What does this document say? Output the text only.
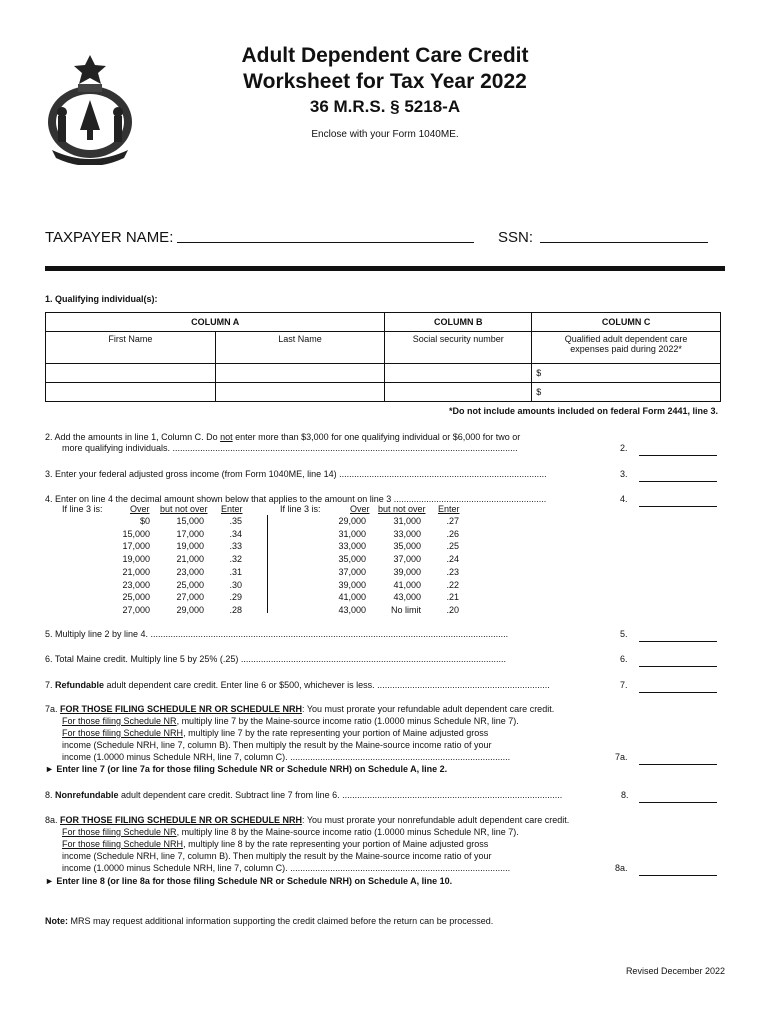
Adult Dependent Care Credit
Worksheet for Tax Year 2022
36 M.R.S. § 5218-A
Enclose with your Form 1040ME.
TAXPAYER NAME:	SSN:
1. Qualifying individual(s):
COLUMN A		COLUMN B	COLUMN C
First Name	Last Name	Social security number	Qualified adult dependent care expenses paid during 2022*
			$
			$
*Do not include amounts included on federal Form 2441, line 3.
2. Add the amounts in line 1, Column C. Do not enter more than $3,000 for one qualifying individual or $6,000 for two or
more qualifying individuals. ..........................................................................................................................................	2.
3. Enter your federal adjusted gross income (from Form 1040ME, line 14) ...................................................................................	3.
4. Enter on line 4 the decimal amount shown below that applies to the amount on line 3 .............................................................	4.
If line 3 is:	Over but not over Enter	If line 3 is:	Over but not over Enter
$0	15,000	.35
15,000	17,000	.34
17,000	19,000	.33
19,000	21,000	.32
21,000	23,000	.31
23,000	25,000	.30
25,000	27,000	.29
27,000	29,000	.28
29,000	31,000	.27
31,000	33,000	.26
33,000	35,000	.25
35,000	37,000	.24
37,000	39,000	.23
39,000	41,000	.22
41,000	43,000	.21
43,000	No limit	.20
5. Multiply line 2 by line 4. ...............................................................................................................................................	5.
6. Total Maine credit. Multiply line 5 by 25% (.25) ..........................................................................................................	6.
7. Refundable adult dependent care credit. Enter line 6 or $500, whichever is less. .....................................................................	7.
7a. FOR THOSE FILING SCHEDULE NR OR SCHEDULE NRH: You must prorate your refundable adult dependent care credit.
For those filing Schedule NR, multiply line 7 by the Maine-source income ratio (1.0000 minus Schedule NR, line 7).
For those filing Schedule NRH, multiply line 7 by the rate representing your portion of Maine adjusted gross
income (Schedule NRH, line 7, column B). Then multiply the result by the Maine-source income ratio of your
income (1.0000 minus Schedule NRH, line 7, column C). ........................................................................................	7a.
► Enter line 7 (or line 7a for those filing Schedule NR or Schedule NRH) on Schedule A, line 2.
8. Nonrefundable adult dependent care credit. Subtract line 7 from line 6. ........................................................................................	8.
8a. FOR THOSE FILING SCHEDULE NR OR SCHEDULE NRH: You must prorate your nonrefundable adult dependent care credit.
For those filing Schedule NR, multiply line 8 by the Maine-source income ratio (1.0000 minus Schedule NR, line 7).
For those filing Schedule NRH, multiply line 8 by the rate representing your portion of Maine adjusted gross
income (Schedule NRH, line 7, column B). Then multiply the result by the Maine-source income ratio of your
income (1.0000 minus Schedule NRH, line 7, column C). ........................................................................................	8a.
► Enter line 8 (or line 8a for those filing Schedule NR or Schedule NRH) on Schedule A, line 10.
Note: MRS may request additional information supporting the credit claimed before the return can be processed.
Revised December 2022
